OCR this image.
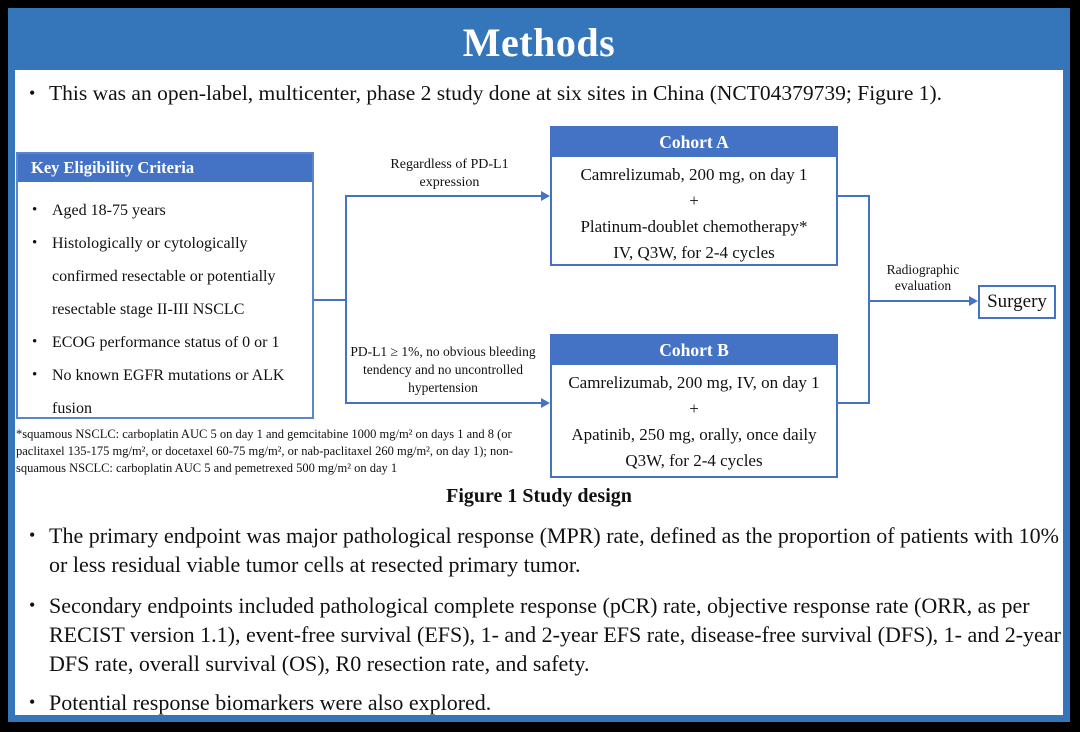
Methods
• This was an open-label, multicenter, phase 2 study done at six sites in China (NCT04379739; Figure 1).
Key Eligibility Criteria
• Aged 18-75 years
• Histologically or cytologically confirmed resectable or potentially resectable stage II-III NSCLC
• ECOG performance status of 0 or 1
• No known EGFR mutations or ALK fusion
Regardless of PD-L1 expression
PD-L1 ≥ 1%, no obvious bleeding tendency and no uncontrolled hypertension
Cohort A
Camrelizumab, 200 mg, on day 1
+
Platinum-doublet chemotherapy*
IV, Q3W, for 2-4 cycles
Cohort B
Camrelizumab, 200 mg, IV, on day 1
+
Apatinib, 250 mg, orally, once daily
Q3W, for 2-4 cycles
Radiographic evaluation
Surgery
*squamous NSCLC: carboplatin AUC 5 on day 1 and gemcitabine 1000 mg/m² on days 1 and 8 (or paclitaxel 135-175 mg/m², or docetaxel 60-75 mg/m², or nab-paclitaxel 260 mg/m², on day 1); non-squamous NSCLC: carboplatin AUC 5 and pemetrexed 500 mg/m² on day 1
Figure 1 Study design
• The primary endpoint was major pathological response (MPR) rate, defined as the proportion of patients with 10% or less residual viable tumor cells at resected primary tumor.
• Secondary endpoints included pathological complete response (pCR) rate, objective response rate (ORR, as per RECIST version 1.1), event-free survival (EFS), 1- and 2-year EFS rate, disease-free survival (DFS), 1- and 2-year DFS rate, overall survival (OS), R0 resection rate, and safety.
• Potential response biomarkers were also explored.
